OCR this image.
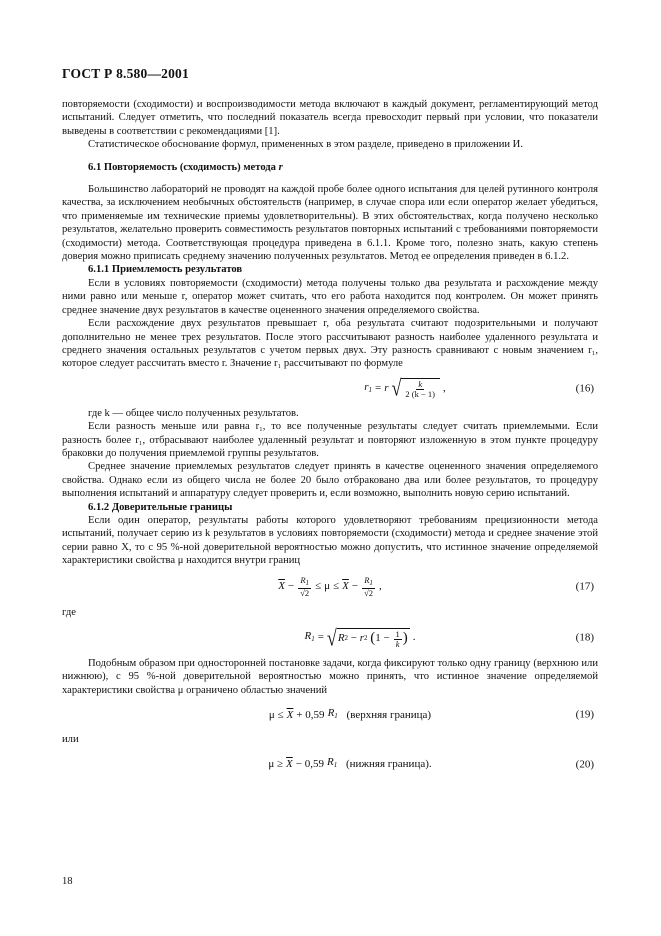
ГОСТ Р 8.580—2001

повторяемости (сходимости) и воспроизводимости метода включают в каждый документ, регламентирующий метод испытаний. Следует отметить, что последний показатель всегда превосходит первый при условии, что показатели выведены в соответствии с рекомендациями [1].

Статистическое обоснование формул, примененных в этом разделе, приведено в приложении И.

6.1 Повторяемость (сходимость) метода r

Большинство лабораторий не проводят на каждой пробе более одного испытания для целей рутинного контроля качества, за исключением необычных обстоятельств (например, в случае спора или если оператор желает убедиться, что применяемые им технические приемы удовлетворительны). В этих обстоятельствах, когда получено несколько результатов, желательно проверить совместимость результатов повторных испытаний с требованиями повторяемости (сходимости) метода. Соответствующая процедура приведена в 6.1.1. Кроме того, полезно знать, какую степень доверия можно приписать среднему значению полученных результатов. Метод ее определения приведен в 6.1.2.

6.1.1 Приемлемость результатов

Если в условиях повторяемости (сходимости) метода получены только два результата и расхождение между ними равно или меньше r, оператор может считать, что его работа находится под контролем. Он может принять среднее значение двух результатов в качестве оцененного значения определяемого свойства.

Если расхождение двух результатов превышает r, оба результата считают подозрительными и получают дополнительно не менее трех результатов. После этого рассчитывают разность наиболее удаленного результата и среднего значения остальных результатов с учетом первых двух. Эту разность сравнивают с новым значением r₁, которое следует рассчитать вместо r. Значение r₁ рассчитывают по формуле

$r_1 = r$ √ $\frac{k}{2 (k - 1)}$ ,	(16)

где k — общее число полученных результатов.

Если разность меньше или равна r₁, то все полученные результаты следует считать приемлемыми. Если разность более r₁, отбрасывают наиболее удаленный результат и повторяют изложенную в этом пункте процедуру браковки до получения приемлемой группы результатов.

Среднее значение приемлемых результатов следует принять в качестве оцененного значения определяемого свойства. Однако если из общего числа не более 20 было отбраковано два или более результатов, то процедуру выполнения испытаний и аппаратуру следует проверить и, если возможно, выполнить новую серию испытаний.

6.1.2 Доверительные границы

Если один оператор, результаты работы которого удовлетворяют требованиям прецизионности метода испытаний, получает серию из k результатов в условиях повторяемости (сходимости) метода и среднее значение этой серии равно X, то с 95 %-ной доверительной вероятностью можно допустить, что истинное значение определяемой характеристики свойства μ находится внутри границ

$\overline{X} - \frac{R_1}{√2} \le \mu \le \overline{X} - \frac{R_1}{√2}$ ,	(17)

где

$R_1$ = √ R 2
−
r 2
( 1
−
$\frac{1}{k}$ ) .	(18)

Подобным образом при односторонней постановке задачи, когда фиксируют только одну границу (верхнюю или нижнюю), с 95 %-ной доверительной вероятностью можно принять, что истинное значение определяемой характеристики свойства μ ограничено областью значений

$\mu \le \overline{X} + 0,59$ $R_1$
(верхняя граница)	(19)

или

$\mu \ge \overline{X} - 0,59$ $R_1$
(нижняя граница).	(20)
18
